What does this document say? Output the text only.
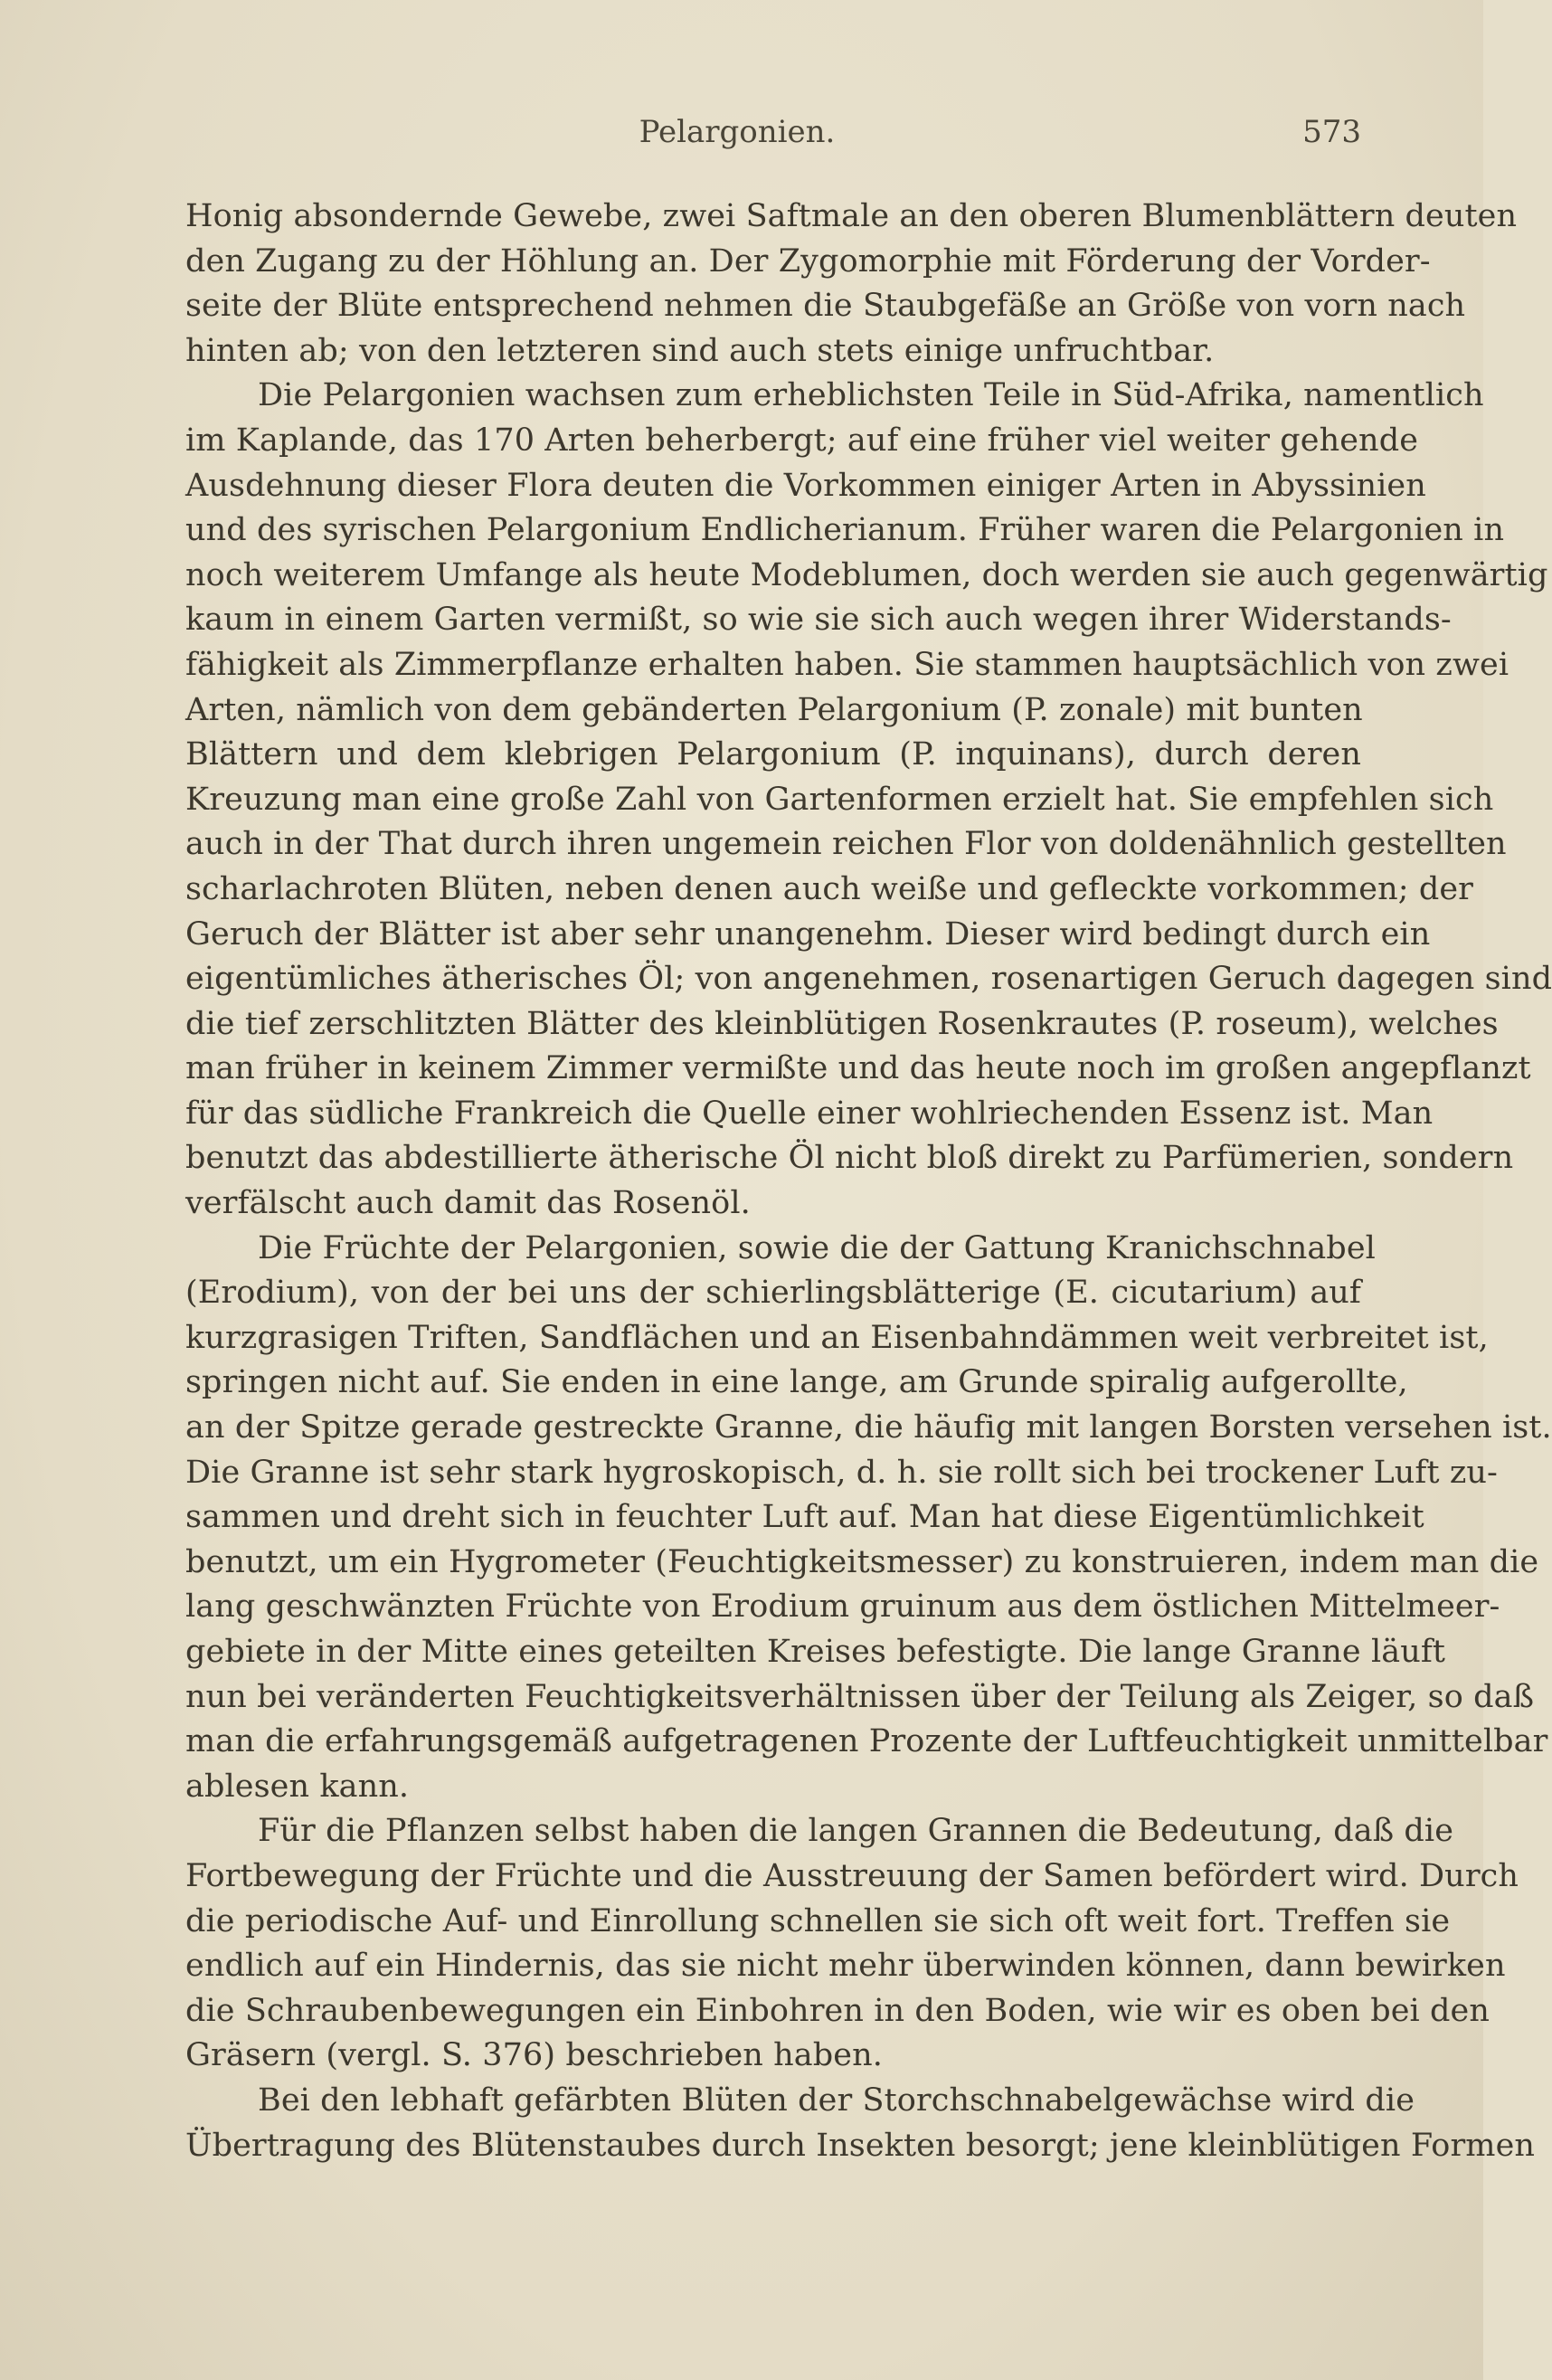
Pelargonien.	573
Honig absondernde Gewebe, zwei Saftmale an den oberen Blumenblättern deuten
den Zugang zu der Höhlung an. Der Zygomorphie mit Förderung der Vorder-
seite der Blüte entsprechend nehmen die Staubgefäße an Größe von vorn nach
hinten ab; von den letzteren sind auch stets einige unfruchtbar.
Die Pelargonien wachsen zum erheblichsten Teile in Süd-Afrika, namentlich
im Kaplande, das 170 Arten beherbergt; auf eine früher viel weiter gehende
Ausdehnung dieser Flora deuten die Vorkommen einiger Arten in Abyssinien
und des syrischen Pelargonium Endlicherianum. Früher waren die Pelargonien in
noch weiterem Umfange als heute Modeblumen, doch werden sie auch gegenwärtig
kaum in einem Garten vermißt, so wie sie sich auch wegen ihrer Widerstands-
fähigkeit als Zimmerpflanze erhalten haben. Sie stammen hauptsächlich von zwei
Arten, nämlich von dem gebänderten Pelargonium (P. zonale) mit bunten
Blättern und dem klebrigen Pelargonium (P. inquinans), durch deren
Kreuzung man eine große Zahl von Gartenformen erzielt hat. Sie empfehlen sich
auch in der That durch ihren ungemein reichen Flor von doldenähnlich gestellten
scharlachroten Blüten, neben denen auch weiße und gefleckte vorkommen; der
Geruch der Blätter ist aber sehr unangenehm. Dieser wird bedingt durch ein
eigentümliches ätherisches Öl; von angenehmen, rosenartigen Geruch dagegen sind
die tief zerschlitzten Blätter des kleinblütigen Rosenkrautes (P. roseum), welches
man früher in keinem Zimmer vermißte und das heute noch im großen angepflanzt
für das südliche Frankreich die Quelle einer wohlriechenden Essenz ist. Man
benutzt das abdestillierte ätherische Öl nicht bloß direkt zu Parfümerien, sondern
verfälscht auch damit das Rosenöl.
Die Früchte der Pelargonien, sowie die der Gattung Kranichschnabel
(Erodium), von der bei uns der schierlingsblätterige (E. cicutarium) auf
kurzgrasigen Triften, Sandflächen und an Eisenbahndämmen weit verbreitet ist,
springen nicht auf. Sie enden in eine lange, am Grunde spiralig aufgerollte,
an der Spitze gerade gestreckte Granne, die häufig mit langen Borsten versehen ist.
Die Granne ist sehr stark hygroskopisch, d. h. sie rollt sich bei trockener Luft zu-
sammen und dreht sich in feuchter Luft auf. Man hat diese Eigentümlichkeit
benutzt, um ein Hygrometer (Feuchtigkeitsmesser) zu konstruieren, indem man die
lang geschwänzten Früchte von Erodium gruinum aus dem östlichen Mittelmeer-
gebiete in der Mitte eines geteilten Kreises befestigte. Die lange Granne läuft
nun bei veränderten Feuchtigkeitsverhältnissen über der Teilung als Zeiger, so daß
man die erfahrungsgemäß aufgetragenen Prozente der Luftfeuchtigkeit unmittelbar
ablesen kann.
Für die Pflanzen selbst haben die langen Grannen die Bedeutung, daß die
Fortbewegung der Früchte und die Ausstreuung der Samen befördert wird. Durch
die periodische Auf- und Einrollung schnellen sie sich oft weit fort. Treffen sie
endlich auf ein Hindernis, das sie nicht mehr überwinden können, dann bewirken
die Schraubenbewegungen ein Einbohren in den Boden, wie wir es oben bei den
Gräsern (vergl. S. 376) beschrieben haben.
Bei den lebhaft gefärbten Blüten der Storchschnabelgewächse wird die
Übertragung des Blütenstaubes durch Insekten besorgt; jene kleinblütigen Formen
